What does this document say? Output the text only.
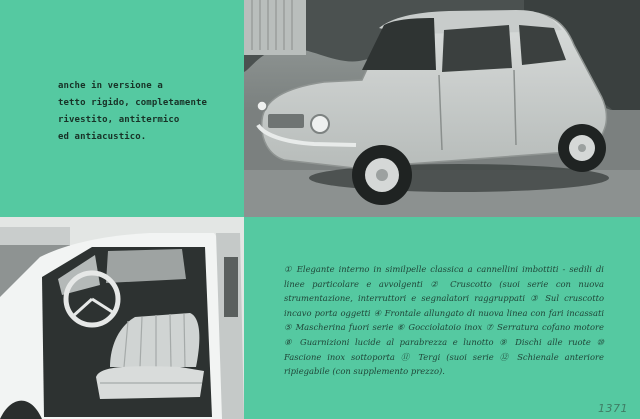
anche in versione a
tetto rigido, completamente
rivestito, antitermico
ed antiacustico.
① Elegante interno in similpelle classica a cannellini imbottiti - sedili di linee particolare e avvolgenti ② Cruscotto (suoi serie con nuova strumentazione, interruttori e segnalatori raggruppati ③ Sul cruscotto incavo porta oggetti ④ Frontale allungato di nuova linea con fari incassati ⑤ Mascherina fuori serie ⑥ Gocciolatoio inox ⑦ Serratura cofano motore ⑧ Guarnizioni lucide al parabrezza e lunotto ⑨ Dischi alle ruote ⑩ Fascione inox sottoporta ⑪ Tergi (suoi serie ⑫ Schienale anteriore ripiegabile (con supplemento prezzo).
1371
